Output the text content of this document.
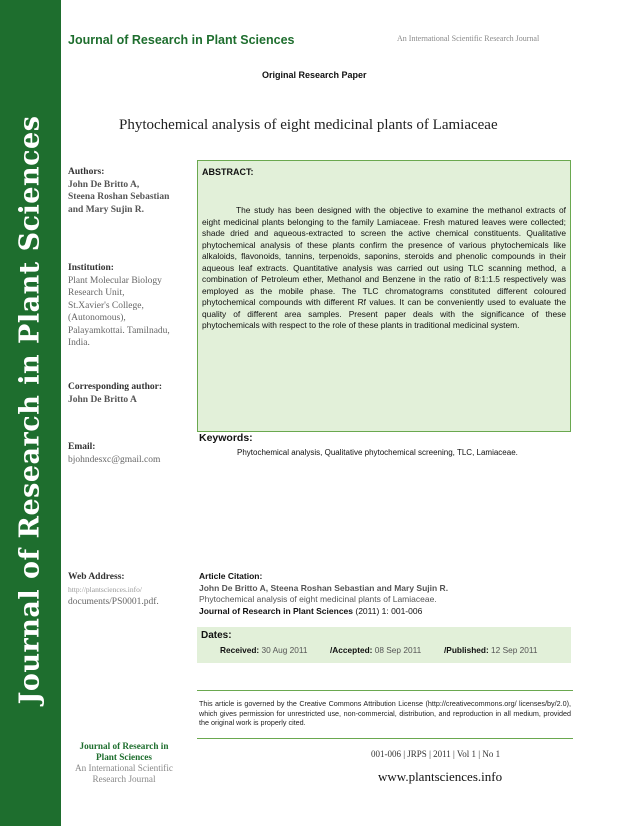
Journal of Research in Plant Sciences
Journal of Research in Plant Sciences	An International Scientific Research Journal
Original Research Paper
Phytochemical analysis of eight medicinal plants of Lamiaceae
Authors:
John De Britto A,
Steena Roshan Sebastian
and Mary Sujin R.
Institution:
Plant Molecular Biology
Research Unit,
St.Xavier's College,
(Autonomous),
Palayamkottai. Tamilnadu,
India.
Corresponding author:
John De Britto A
Email:
bjohndesxc@gmail.com
Web Address:
http://plantsciences.info/
documents/PS0001.pdf.
ABSTRACT:
The study has been designed with the objective to examine the methanol extracts of eight medicinal plants belonging to the family Lamiaceae. Fresh matured leaves were collected; shade dried and aqueous-extracted to screen the active chemical constituents. Qualitative phytochemical analysis of these plants confirm the presence of various phytochemicals like alkaloids, flavonoids, tannins, terpenoids, saponins, steroids and phenolic compounds in their aqueous leaf extracts. Quantitative analysis was carried out using TLC scanning method, a combination of Petroleum ether, Methanol and Benzene in the ratio of 8:1:1.5 respectively was employed as the mobile phase. The TLC chromatograms constituted different coloured phytochemical compounds with different Rf values. It can be conveniently used to evaluate the quality of different area samples. Present paper deals with the significance of these phytochemicals with respect to the role of these plants in traditional medicinal system.
Keywords:
Phytochemical analysis, Qualitative phytochemical screening, TLC, Lamiaceae.
Article Citation:
John De Britto A, Steena Roshan Sebastian and Mary Sujin R.
Phytochemical analysis of eight medicinal plants of Lamiaceae.
Journal of Research in Plant Sciences (2011) 1: 001-006
Dates:
Received: 30 Aug 2011	/Accepted: 08 Sep 2011	/Published: 12 Sep 2011
This article is governed by the Creative Commons Attribution License (http://creativecommons.org/ licenses/by/2.0), which gives permission for unrestricted use, non-commercial, distribution, and reproduction in all medium, provided the original work is properly cited.
Journal of Research in
Plant Sciences
An International Scientific
Research Journal
001-006 | JRPS | 2011 | Vol 1 | No 1
www.plantsciences.info
